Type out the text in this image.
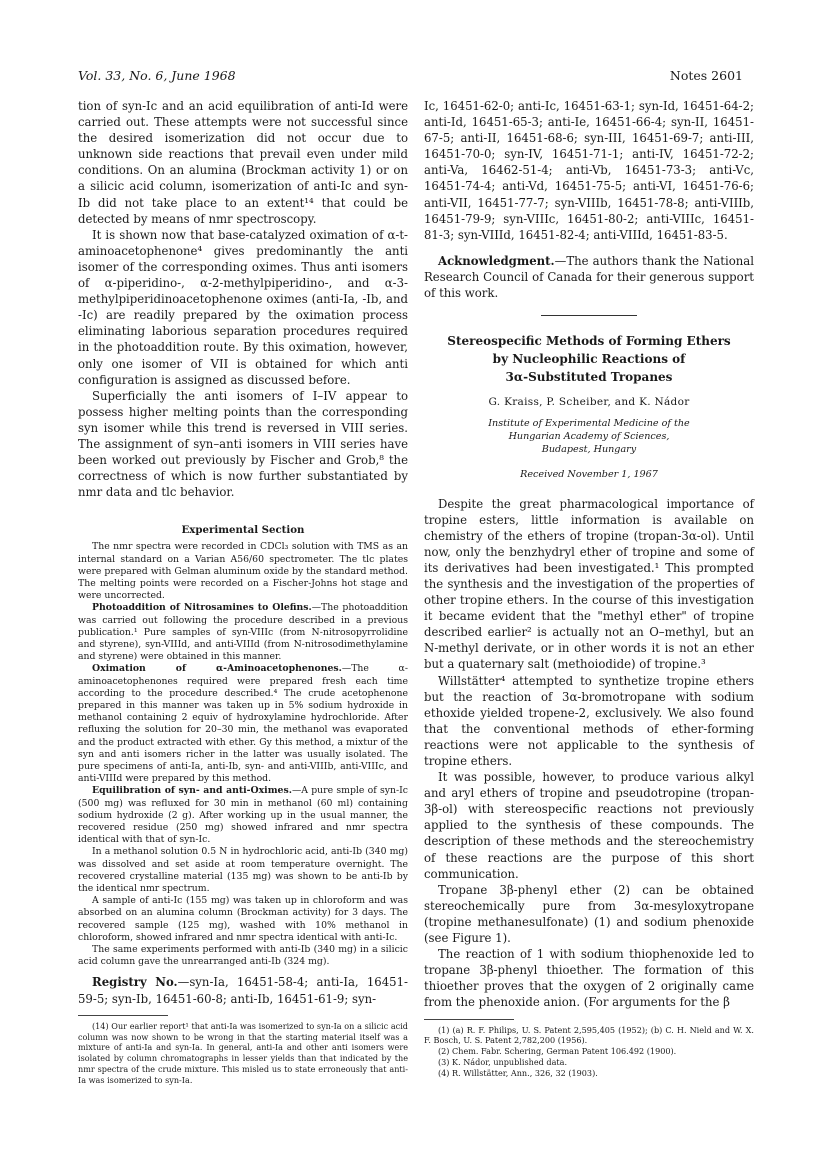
Vol. 33, No. 6, June 1968	Notes 2601

tion of syn-Ic and an acid equilibration of anti-Id were carried out. These attempts were not successful since the desired isomerization did not occur due to unknown side reactions that prevail even under mild conditions. On an alumina (Brockman activity 1) or on a silicic acid column, isomerization of anti-Ic and syn-Ib did not take place to an extent¹⁴ that could be detected by means of nmr spectroscopy.

It is shown now that base-catalyzed oximation of α-t-aminoacetophenone⁴ gives predominantly the anti isomer of the corresponding oximes. Thus anti isomers of α-piperidino-, α-2-methylpiperidino-, and α-3-methylpiperidinoacetophenone oximes (anti-Ia, -Ib, and -Ic) are readily prepared by the oximation process eliminating laborious separation procedures required in the photoaddition route. By this oximation, however, only one isomer of VII is obtained for which anti configuration is assigned as discussed before.

Superficially the anti isomers of I–IV appear to possess higher melting points than the corresponding syn isomer while this trend is reversed in VIII series. The assignment of syn–anti isomers in VIII series have been worked out previously by Fischer and Grob,⁸ the correctness of which is now further substantiated by nmr data and tlc behavior.

Experimental Section

The nmr spectra were recorded in CDCl₃ solution with TMS as an internal standard on a Varian A56/60 spectrometer. The tlc plates were prepared with Gelman aluminum oxide by the standard method. The melting points were recorded on a Fischer-Johns hot stage and were uncorrected.

Photoaddition of Nitrosamines to Olefins.—The photoaddition was carried out following the procedure described in a previous publication.¹ Pure samples of syn-VIIIc (from N-nitrosopyrrolidine and styrene), syn-VIIId, and anti-VIIId (from N-nitrosodimethylamine and styrene) were obtained in this manner.

Oximation of α-Aminoacetophenones.—The α-aminoacetophenones required were prepared fresh each time according to the procedure described.⁴ The crude acetophenone prepared in this manner was taken up in 5% sodium hydroxide in methanol containing 2 equiv of hydroxylamine hydrochloride. After refluxing the solution for 20–30 min, the methanol was evaporated and the product extracted with ether. Gy this method, a mixtur of the syn and anti isomers richer in the latter was usually isolated. The pure specimens of anti-Ia, anti-Ib, syn- and anti-VIIIb, anti-VIIIc, and anti-VIIId were prepared by this method.

Equilibration of syn- and anti-Oximes.—A pure smple of syn-Ic (500 mg) was refluxed for 30 min in methanol (60 ml) containing sodium hydroxide (2 g). After working up in the usual manner, the recovered residue (250 mg) showed infrared and nmr spectra identical with that of syn-Ic.

In a methanol solution 0.5 N in hydrochloric acid, anti-Ib (340 mg) was dissolved and set aside at room temperature overnight. The recovered crystalline material (135 mg) was shown to be anti-Ib by the identical nmr spectrum.

A sample of anti-Ic (155 mg) was taken up in chloroform and was absorbed on an alumina column (Brockman activity) for 3 days. The recovered sample (125 mg), washed with 10% methanol in chloroform, showed infrared and nmr spectra identical with anti-Ic.

The same experiments performed with anti-Ib (340 mg) in a silicic acid column gave the unrearranged anti-Ib (324 mg).

Registry No.—syn-Ia, 16451-58-4; anti-Ia, 16451-59-5; syn-Ib, 16451-60-8; anti-Ib, 16451-61-9; syn-

(14) Our earlier report¹ that anti-Ia was isomerized to syn-Ia on a silicic acid column was now shown to be wrong in that the starting material itself was a mixture of anti-Ia and syn-Ia. In general, anti-Ia and other anti isomers were isolated by column chromatographs in lesser yields than that indicated by the nmr spectra of the crude mixture. This misled us to state erroneously that anti-Ia was isomerized to syn-Ia.

Ic, 16451-62-0; anti-Ic, 16451-63-1; syn-Id, 16451-64-2; anti-Id, 16451-65-3; anti-Ie, 16451-66-4; syn-II, 16451-67-5; anti-II, 16451-68-6; syn-III, 16451-69-7; anti-III, 16451-70-0; syn-IV, 16451-71-1; anti-IV, 16451-72-2; anti-Va, 16462-51-4; anti-Vb, 16451-73-3; anti-Vc, 16451-74-4; anti-Vd, 16451-75-5; anti-VI, 16451-76-6; anti-VII, 16451-77-7; syn-VIIIb, 16451-78-8; anti-VIIIb, 16451-79-9; syn-VIIIc, 16451-80-2; anti-VIIIc, 16451-81-3; syn-VIIId, 16451-82-4; anti-VIIId, 16451-83-5.

Acknowledgment.—The authors thank the National Research Council of Canada for their generous support of this work.

Stereospecific Methods of Forming Ethers

by Nucleophilic Reactions of

3α-Substituted Tropanes

G. Kraiss, P. Scheiber, and K. Nádor

Institute of Experimental Medicine of the
Hungarian Academy of Sciences,
Budapest, Hungary
Received November 1, 1967

Despite the great pharmacological importance of tropine esters, little information is available on chemistry of the ethers of tropine (tropan-3α-ol). Until now, only the benzhydryl ether of tropine and some of its derivatives had been investigated.¹ This prompted the synthesis and the investigation of the properties of other tropine ethers. In the course of this investigation it became evident that the "methyl ether" of tropine described earlier² is actually not an O–methyl, but an N-methyl derivate, or in other words it is not an ether but a quaternary salt (methoiodide) of tropine.³

Willstätter⁴ attempted to synthetize tropine ethers but the reaction of 3α-bromotropane with sodium ethoxide yielded tropene-2, exclusively. We also found that the conventional methods of ether-forming reactions were not applicable to the synthesis of tropine ethers.

It was possible, however, to produce various alkyl and aryl ethers of tropine and pseudotropine (tropan-3β-ol) with stereospecific reactions not previously applied to the synthesis of these compounds. The description of these methods and the stereochemistry of these reactions are the purpose of this short communication.

Tropane 3β-phenyl ether (2) can be obtained stereochemically pure from 3α-mesyloxytropane (tropine methanesulfonate) (1) and sodium phenoxide (see Figure 1).

The reaction of 1 with sodium thiophenoxide led to tropane 3β-phenyl thioether. The formation of this thioether proves that the oxygen of 2 originally came from the phenoxide anion. (For arguments for the β

(1) (a) R. F. Philips, U. S. Patent 2,595,405 (1952); (b) C. H. Nield and W. X. F. Bosch, U. S. Patent 2,782,200 (1956).

(2) Chem. Fabr. Schering, German Patent 106.492 (1900).

(3) K. Nádor, unpublished data.

(4) R. Willstätter, Ann., 326, 32 (1903).
